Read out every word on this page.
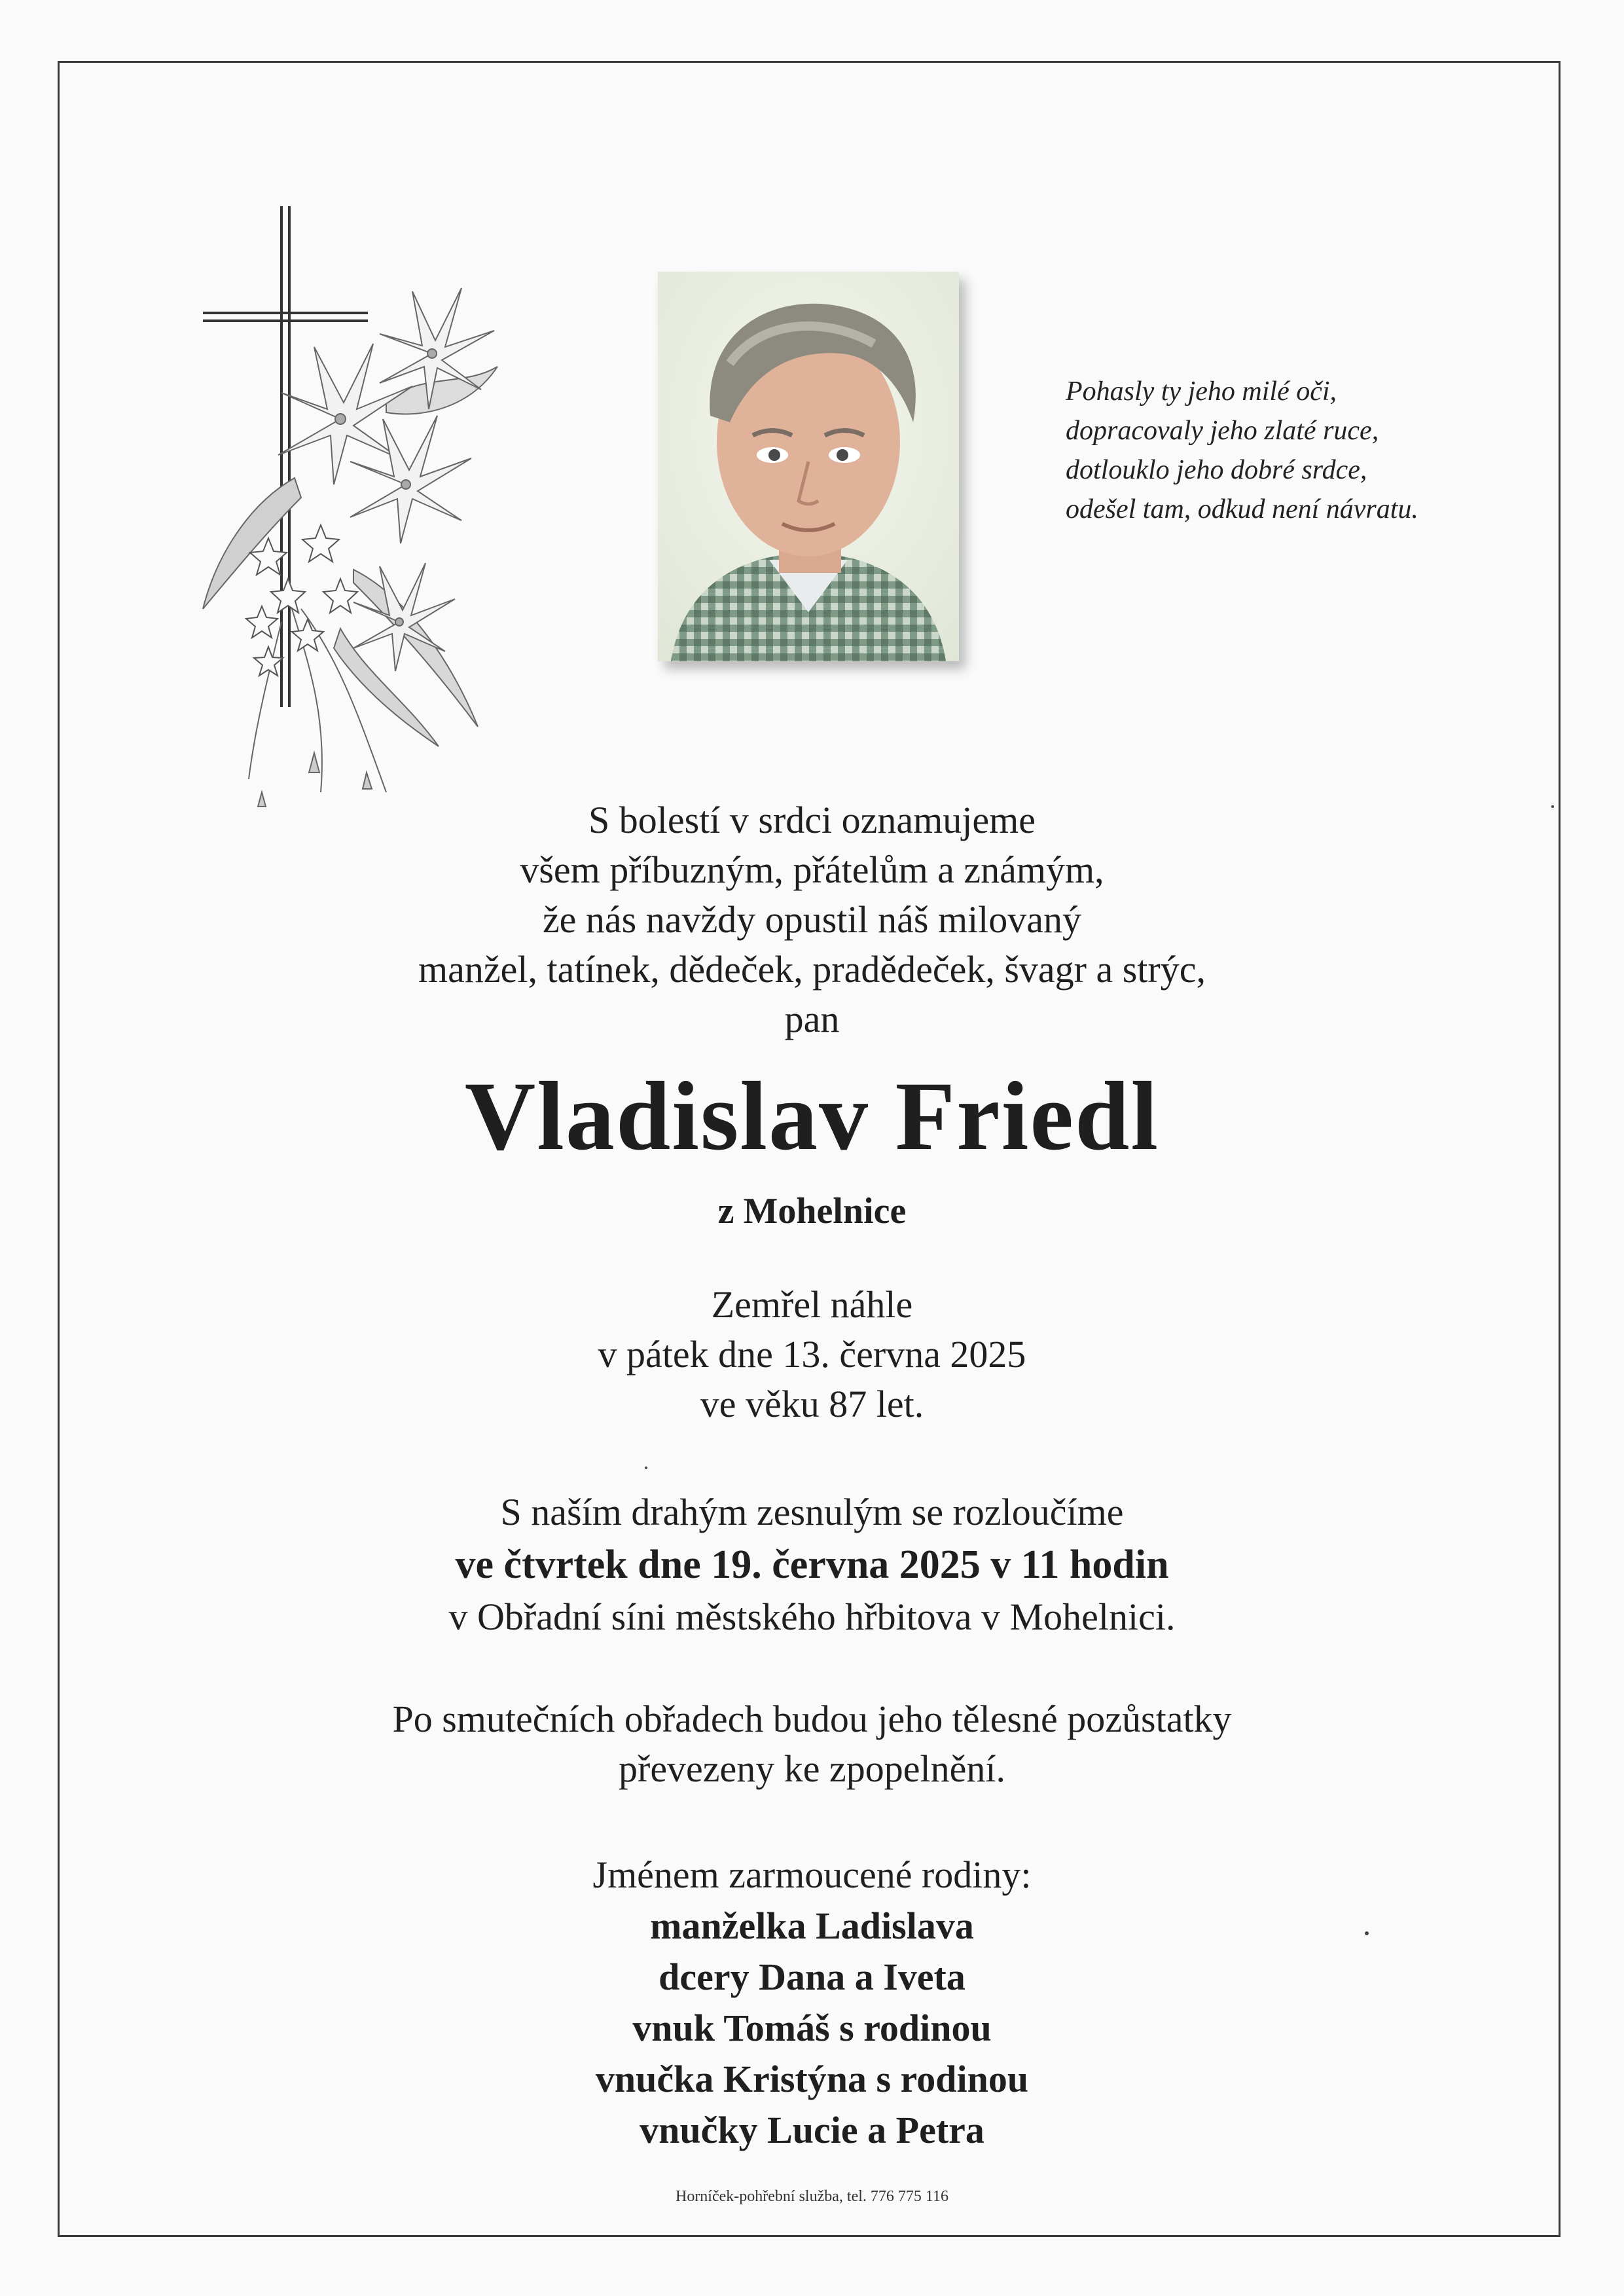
Pohasly ty jeho milé oči,
dopracovaly jeho zlaté ruce,
dotlouklo jeho dobré srdce,
odešel tam, odkud není návratu.
S bolestí v srdci oznamujeme
všem příbuzným, přátelům a známým,
že nás navždy opustil náš milovaný
manžel, tatínek, dědeček, pradědeček, švagr a strýc,
pan
Vladislav Friedl
z Mohelnice
Zemřel náhle
v pátek dne 13. června 2025
ve věku 87 let.
S naším drahým zesnulým se rozloučíme
ve čtvrtek dne 19. června 2025 v 11 hodin
v Obřadní síni městského hřbitova v Mohelnici.
Po smutečních obřadech budou jeho tělesné pozůstatky
převezeny ke zpopelnění.
Jménem zarmoucené rodiny:
manželka Ladislava
dcery Dana a Iveta
vnuk Tomáš s rodinou
vnučka Kristýna s rodinou
vnučky Lucie a Petra
Horníček-pohřební služba, tel. 776 775 116
